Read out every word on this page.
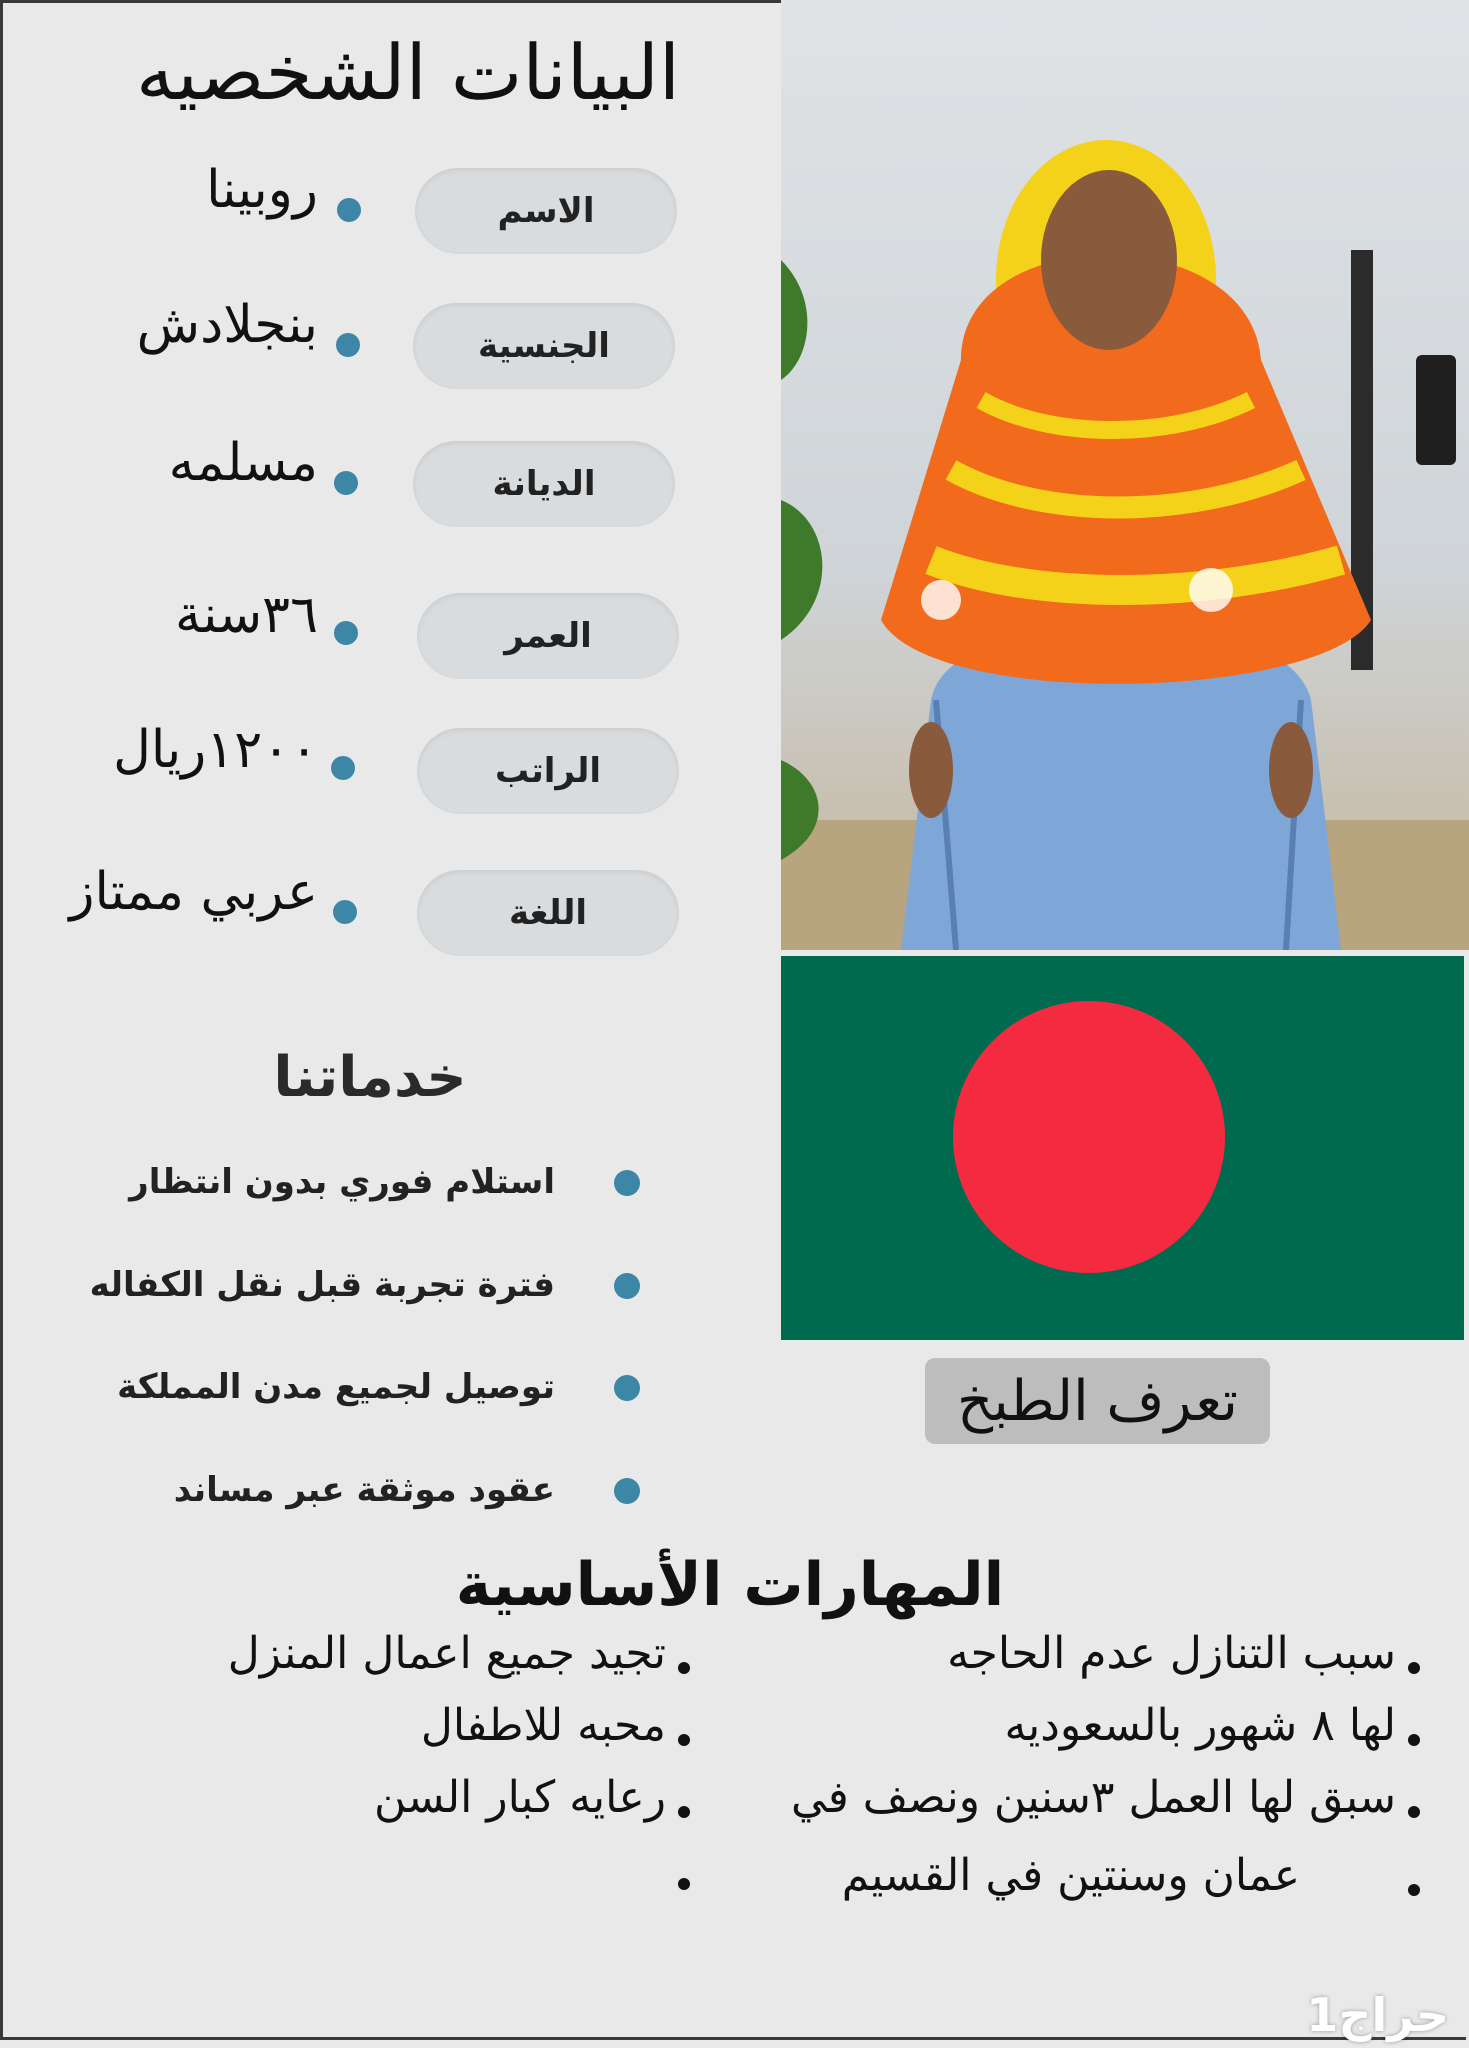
البيانات الشخصيه
الاسم
روبينا
الجنسية
بنجلادش
الديانة
مسلمه
العمر
٣٦سنة
الراتب
١٢٠٠ريال
اللغة
عربي ممتاز
خدماتنا
استلام فوري بدون انتظار
فترة تجربة قبل نقل الكفاله
توصيل لجميع مدن المملكة
عقود موثقة عبر مساند
تعرف الطبخ
المهارات الأساسية
سبب التنازل عدم الحاجه
لها ٨ شهور بالسعوديه
سبق لها العمل ٣سنين ونصف في
عمان وسنتين في القسيم
تجيد جميع اعمال المنزل
محبه للاطفال
رعايه كبار السن
حراج1
